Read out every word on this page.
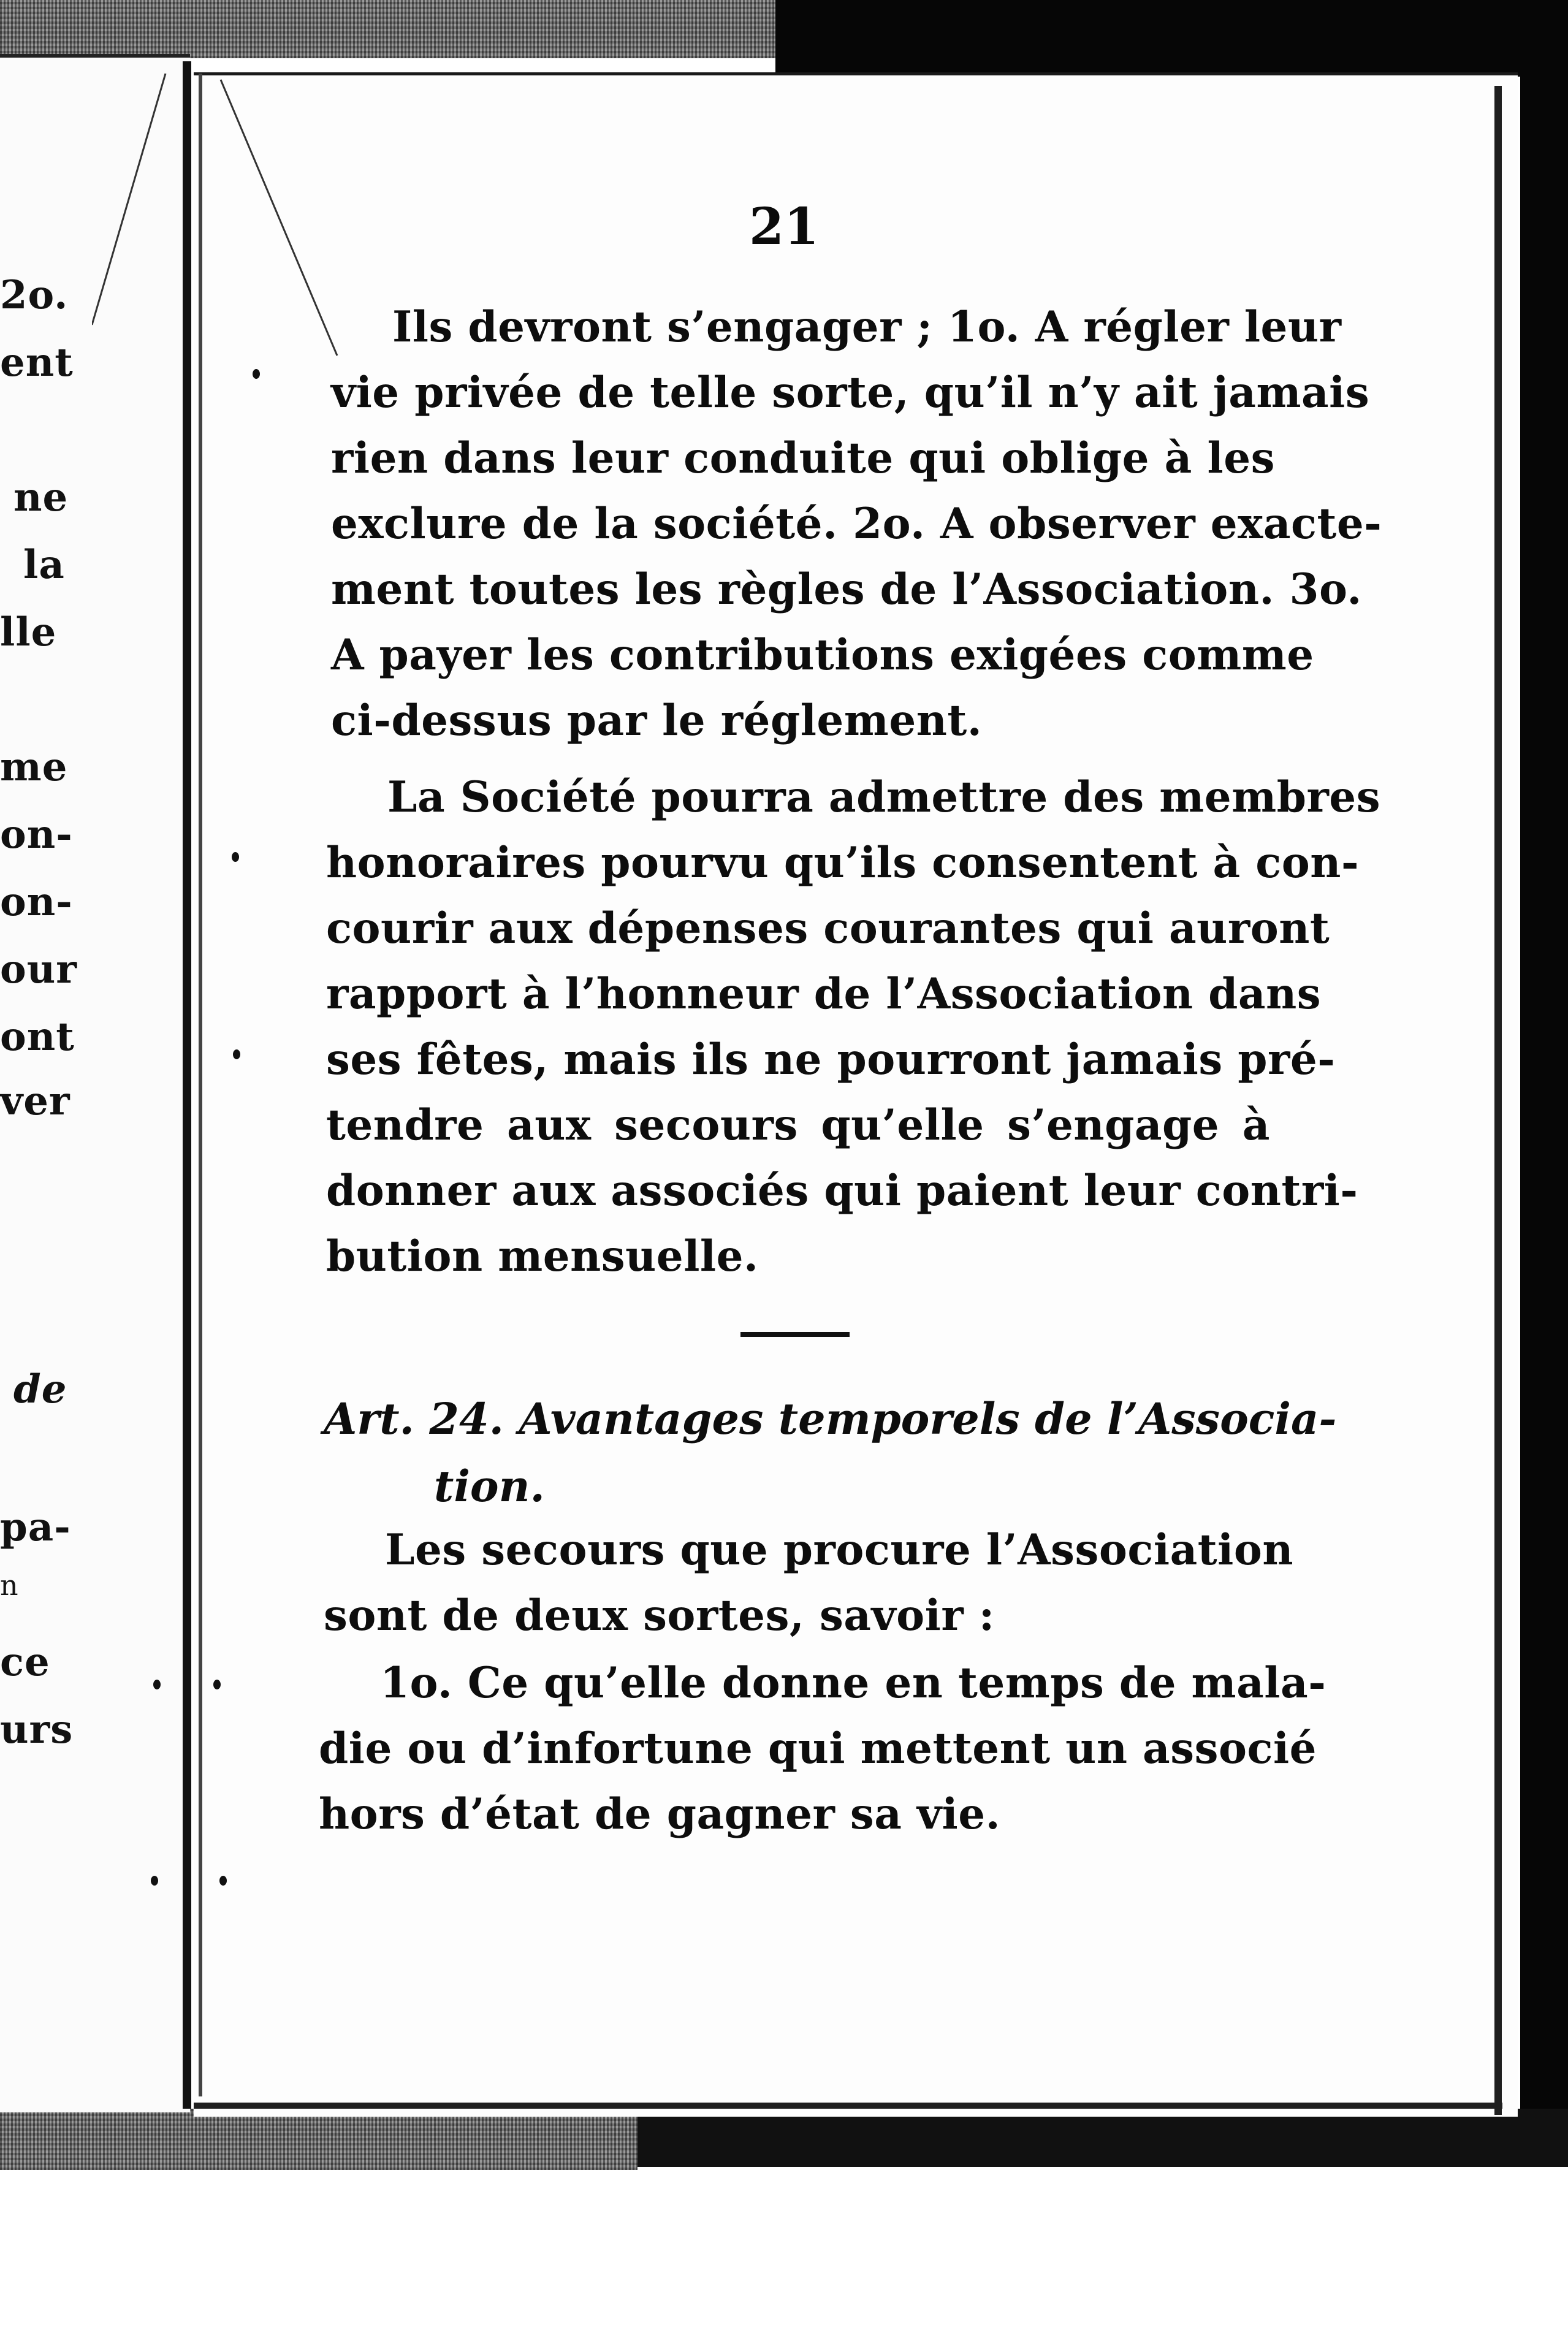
2o.
ent
ne
la
lle
me
on-
on-
our
ont
ver
de
pa-
n
ce
urs
21
Ils devront s’engager ; 1o. A régler leur
vie privée de telle sorte, qu’il n’y ait jamais
rien dans leur conduite qui oblige à les
exclure de la société. 2o. A observer exacte-
ment toutes les règles de l’Association. 3o.
A payer les contributions exigées comme
ci-dessus par le réglement.
La Société pourra admettre des membres
honoraires pourvu qu’ils consentent à con-
courir aux dépenses courantes qui auront
rapport à l’honneur de l’Association dans
ses fêtes, mais ils ne pourront jamais pré-
tendre aux secours qu’elle s’engage à
donner aux associés qui paient leur contri-
bution mensuelle.
Art. 24. Avantages temporels de l’Associa-
tion.
Les secours que procure l’Association
sont de deux sortes, savoir :
1o. Ce qu’elle donne en temps de mala-
die ou d’infortune qui mettent un associé
hors d’état de gagner sa vie.
